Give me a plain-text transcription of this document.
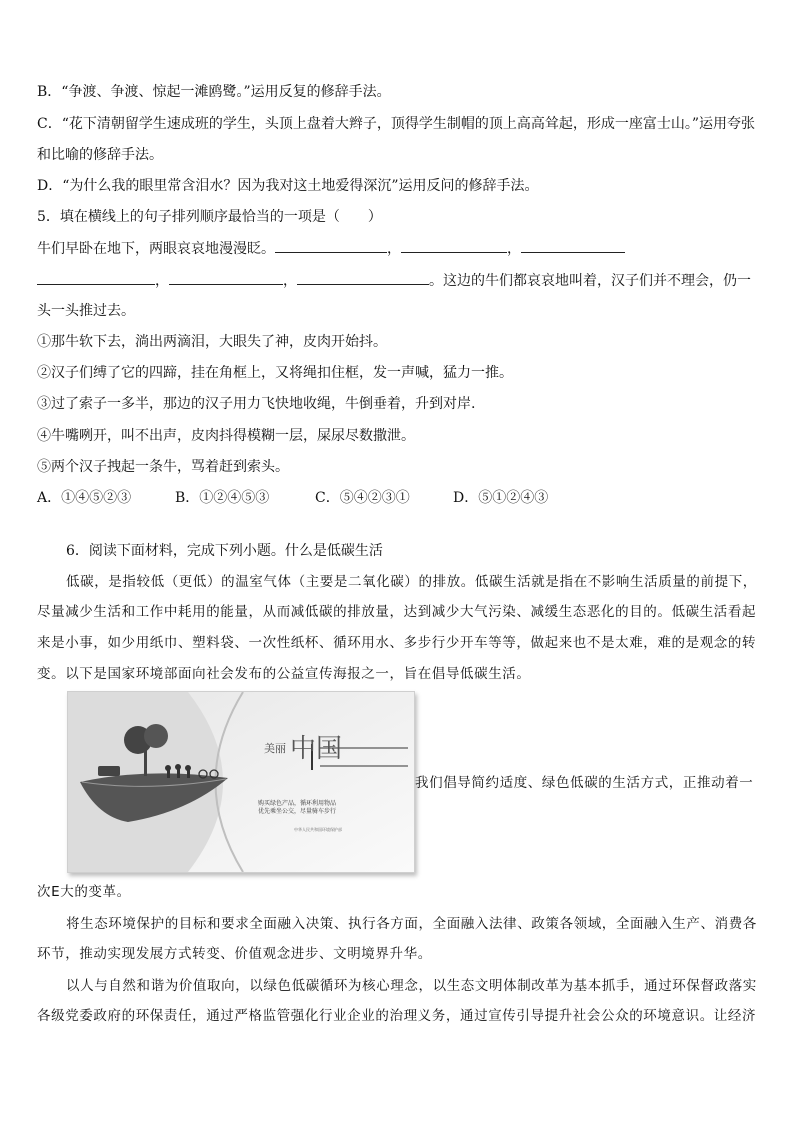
B．“争渡、争渡、惊起一滩鸥鹭。”运用反复的修辞手法。
C．“花下清朝留学生速成班的学生，头顶上盘着大辫子，顶得学生制帽的顶上高高耸起，形成一座富士山。”运用夸张
和比喻的修辞手法。
D．“为什么我的眼里常含泪水？因为我对这土地爱得深沉”运用反问的修辞手法。
5．填在横线上的句子排列顺序最恰当的一项是（　　）
牛们早卧在地下，两眼哀哀地漫漫眨。	，	，
，	，	。这边的牛们都哀哀地叫着，汉子们并不理会，仍一
头一头推过去。
①那牛软下去，淌出两滴泪，大眼失了神，皮肉开始抖。
②汉子们缚了它的四蹄，挂在角框上，又将绳扣住框，发一声喊，猛力一推。
③过了索子一多半，那边的汉子用力飞快地收绳，牛倒垂着，升到对岸.
④牛嘴咧开，叫不出声，皮肉抖得模糊一层，屎尿尽数撒泄。
⑤两个汉子拽起一条牛，骂着赶到索头。
A．①④⑤②③	B．①②④⑤③	C．⑤④②③①	D．⑤①②④③
6．阅读下面材料，完成下列小题。什么是低碳生活
低碳，是指较低（更低）的温室气体（主要是二氧化碳）的排放。低碳生活就是指在不影响生活质量的前提下，
尽量减少生活和工作中耗用的能量，从而减低碳的排放量，达到减少大气污染、减缓生态恶化的目的。低碳生活看起
来是小事，如少用纸巾、塑料袋、一次性纸杯、循环用水、多步行少开车等等，做起来也不是太难，难的是观念的转
变。以下是国家环境部面向社会发布的公益宣传海报之一，旨在倡导低碳生活。
美丽 中国
购买绿色产品，循环利用物品
优先乘坐公交，尽量骑车步行
中华人民共和国环境保护部
我们倡导简约适度、绿色低碳的生活方式，正推动着一
次E大的变革。
将生态环境保护的目标和要求全面融入决策、执行各方面，全面融入法律、政策各领域，全面融入生产、消费各
环节，推动实现发展方式转变、价值观念进步、文明境界升华。
以人与自然和谐为价值取向，以绿色低碳循环为核心理念，以生态文明体制改革为基本抓手，通过环保督政落实
各级党委政府的环保责任，通过严格监管强化行业企业的治理义务，通过宣传引导提升社会公众的环境意识。让经济
